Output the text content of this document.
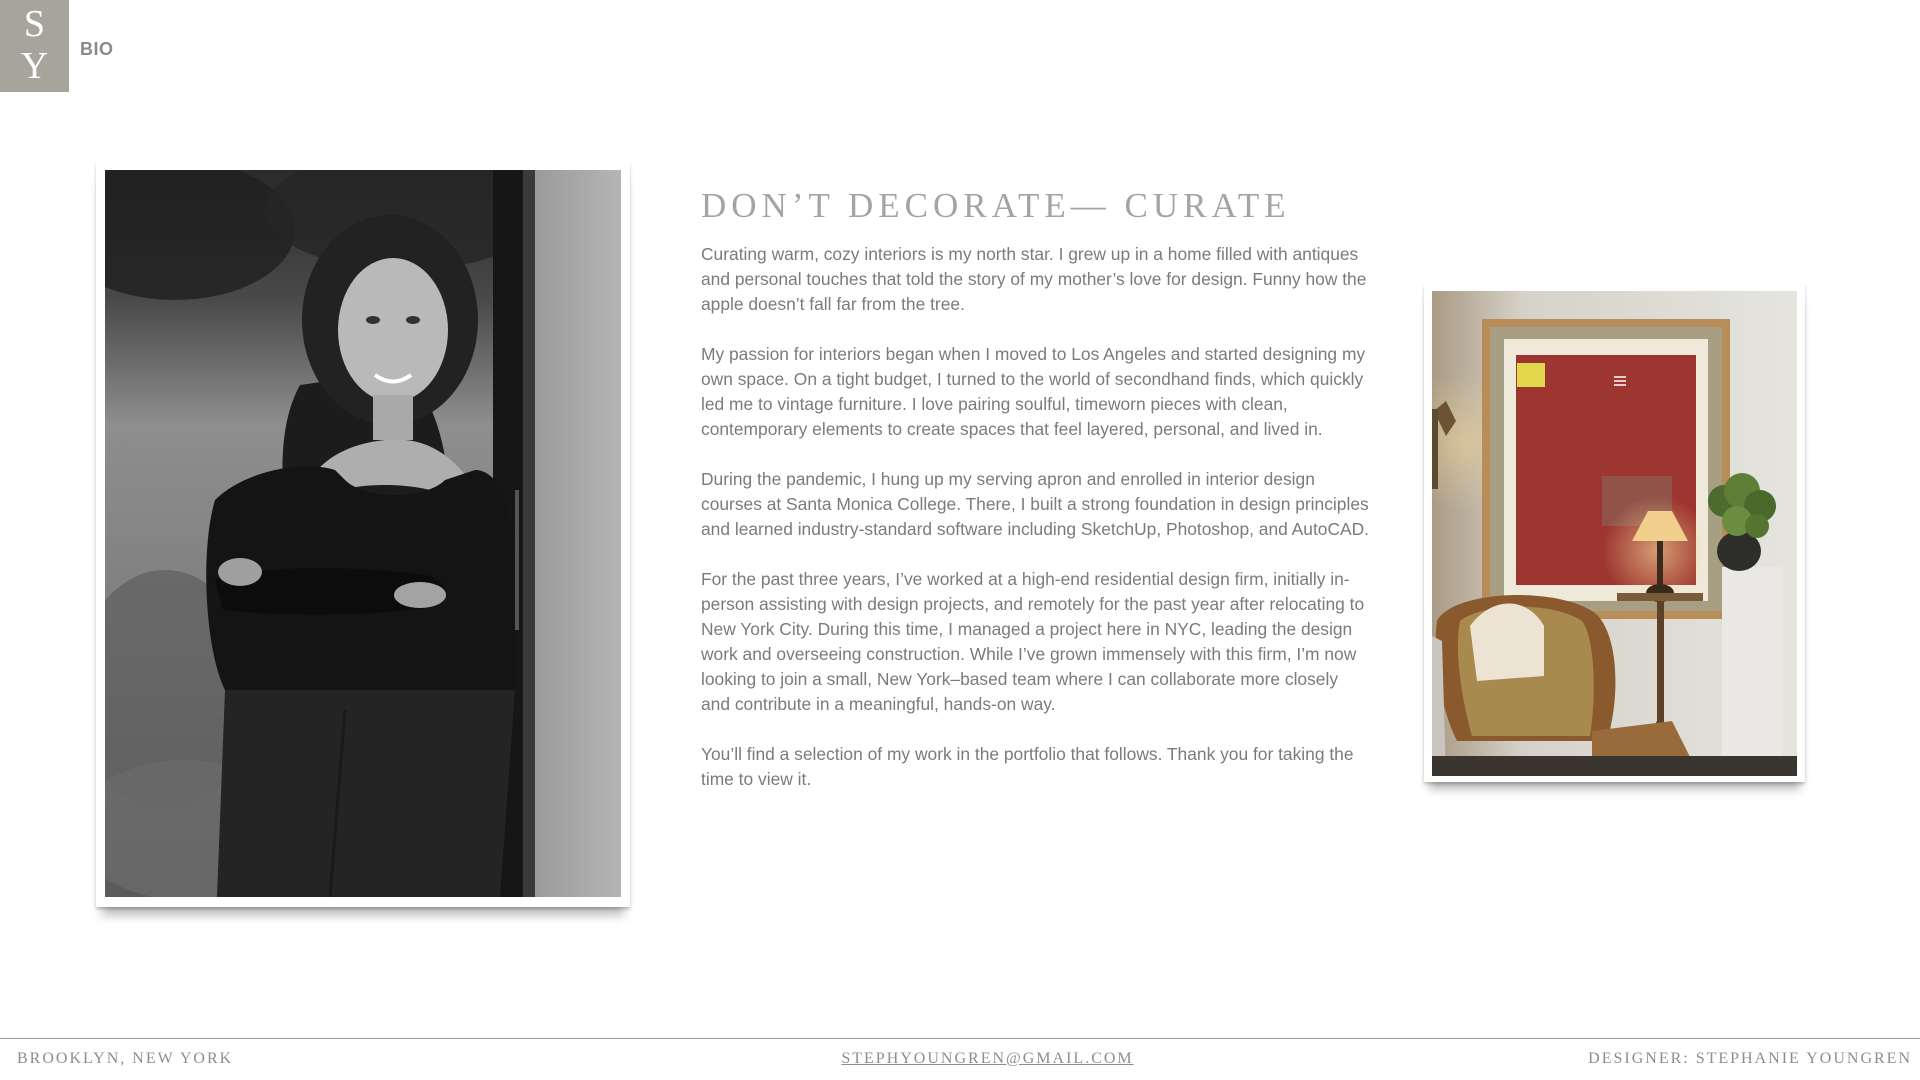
S
Y	BIO
DON’T DECORATE— CURATE

Curating warm, cozy interiors is my north star. I grew up in a home filled with antiques and personal touches that told the story of my mother’s love for design. Funny how the apple doesn’t fall far from the tree.

My passion for interiors began when I moved to Los Angeles and started designing my own space. On a tight budget, I turned to the world of secondhand finds, which quickly led me to vintage furniture. I love pairing soulful, timeworn pieces with clean, contemporary elements to create spaces that feel layered, personal, and lived in.

During the pandemic, I hung up my serving apron and enrolled in interior design courses at Santa Monica College. There, I built a strong foundation in design principles and learned industry-standard software including SketchUp, Photoshop, and AutoCAD.

For the past three years, I’ve worked at a high-end residential design firm, initially in-person assisting with design projects, and remotely for the past year after relocating to New York City. During this time, I managed a project here in NYC, leading the design work and overseeing construction. While I’ve grown immensely with this firm, I’m now looking to join a small, New York–based team where I can collaborate more closely and contribute in a meaningful, hands-on way.

You’ll find a selection of my work in the portfolio that follows. Thank you for taking the time to view it.

BROOKLYN, NEW YORK	STEPHYOUNGREN@GMAIL.COM	DESIGNER: STEPHANIE YOUNGREN
